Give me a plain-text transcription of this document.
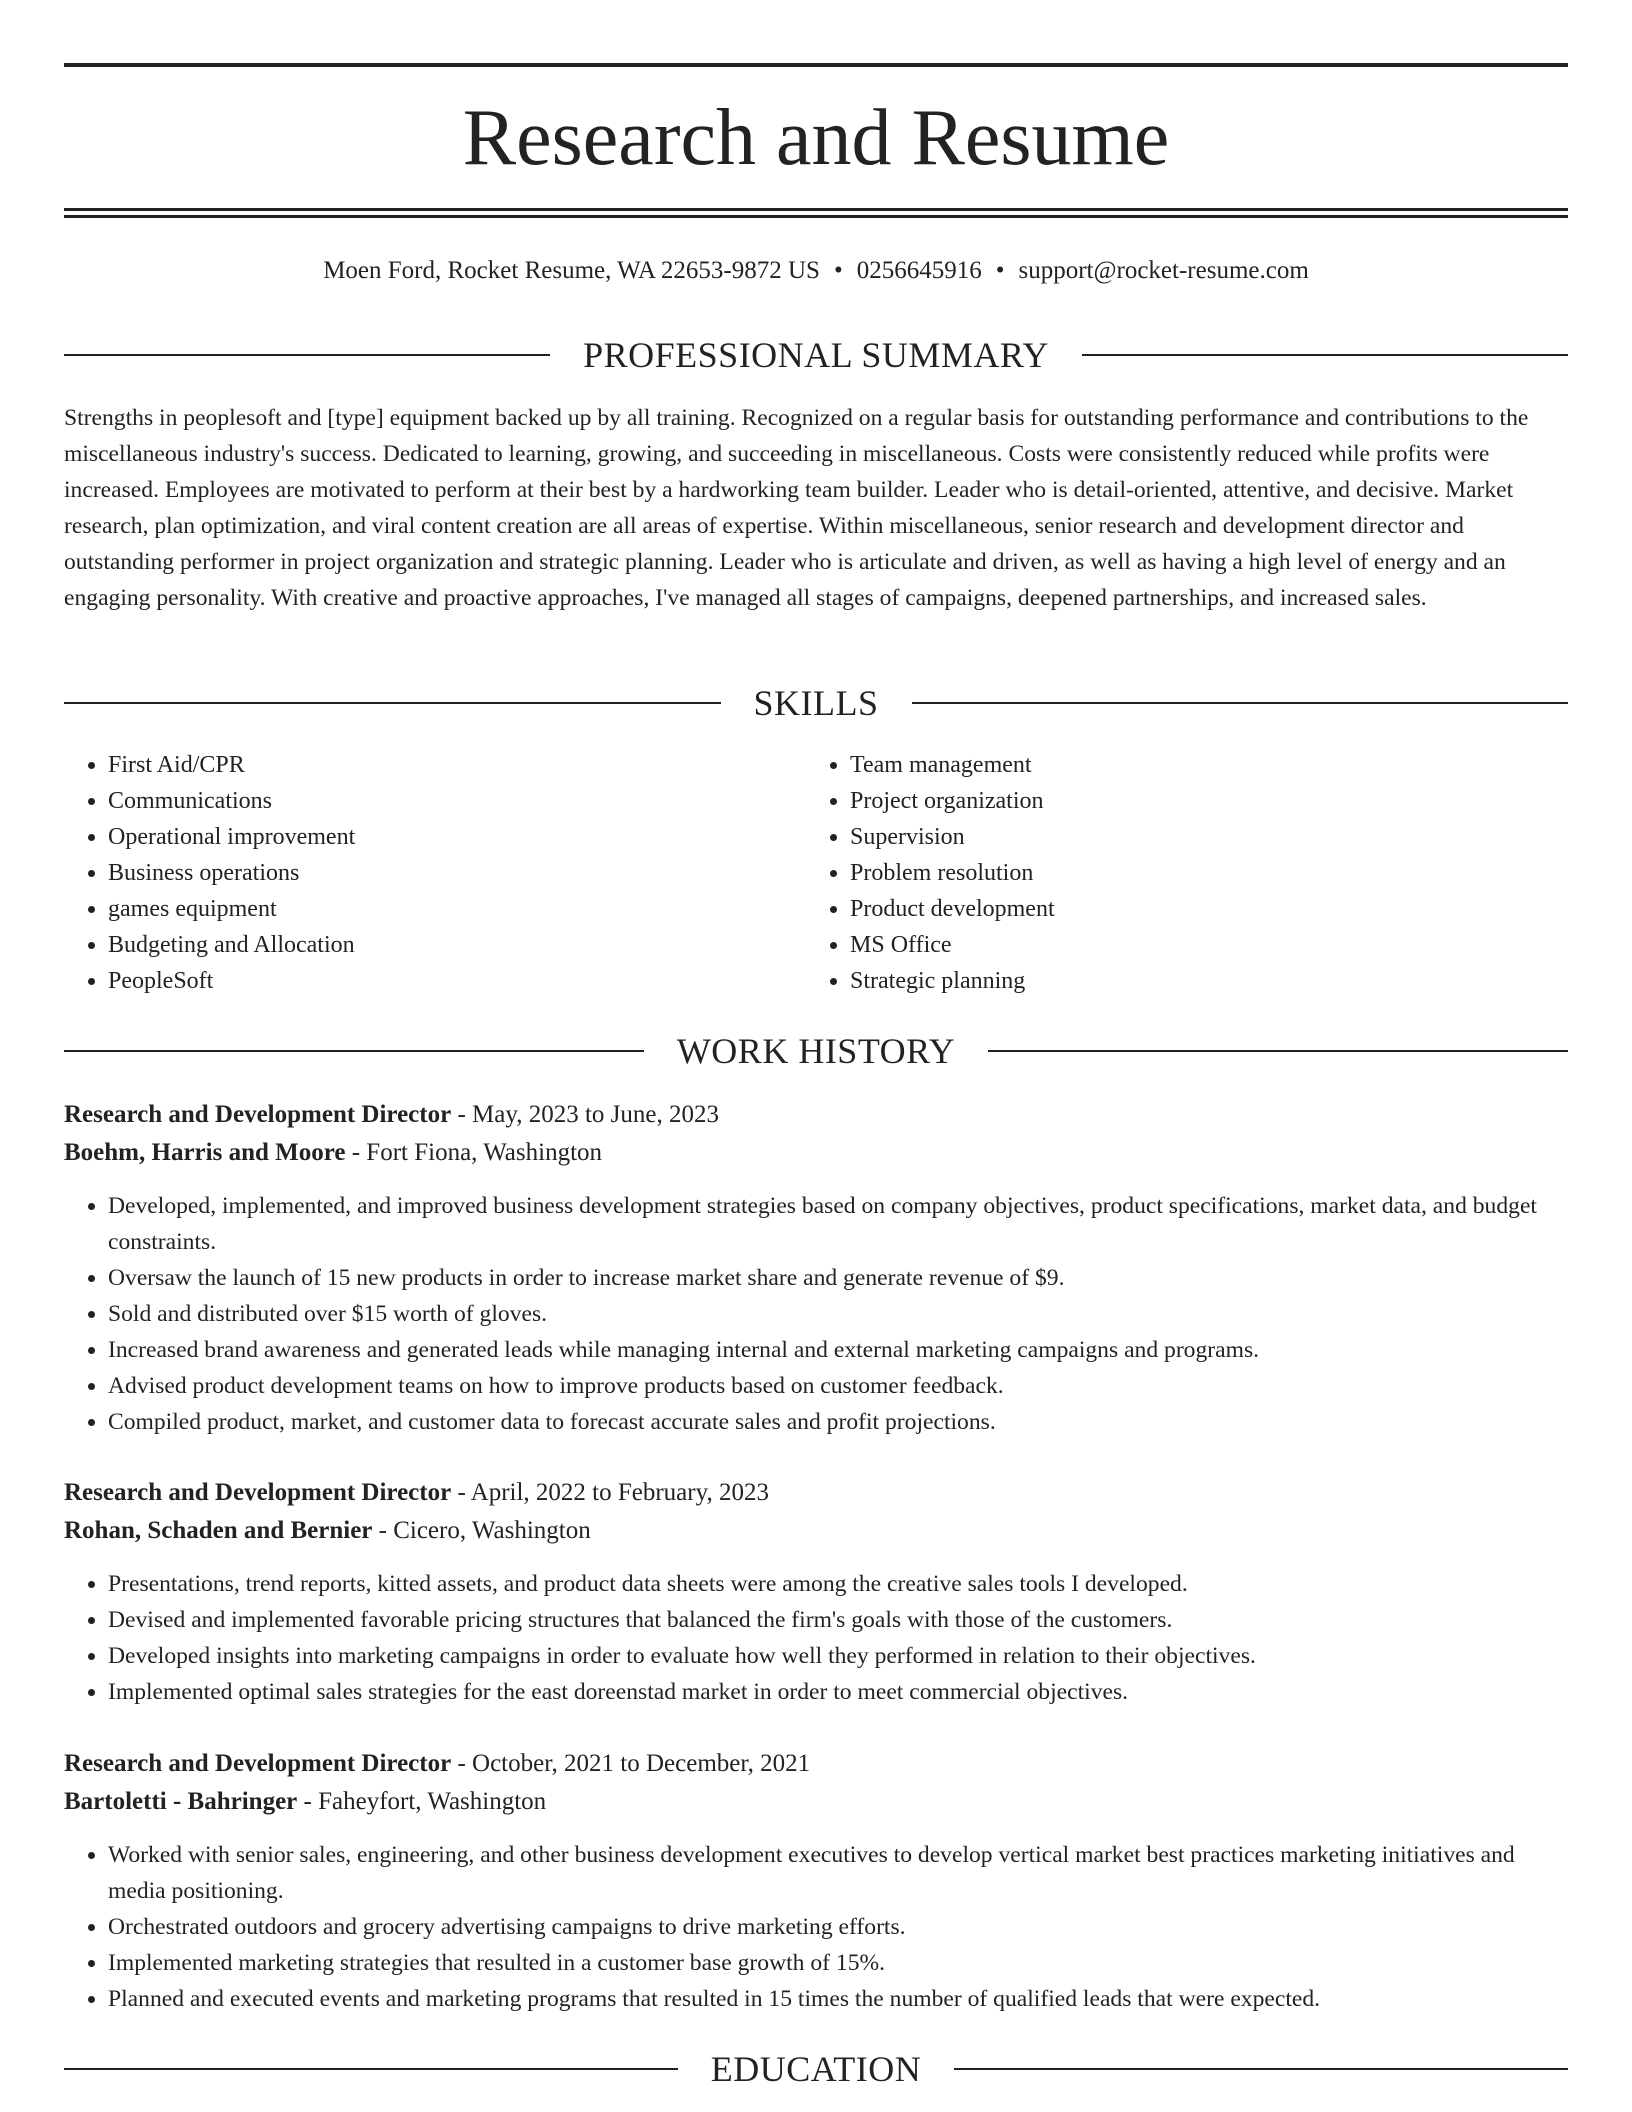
Research and Resume
Moen Ford, Rocket Resume, WA 22653-9872 US • 0256645916 • support@rocket-resume.com
PROFESSIONAL SUMMARY

Strengths in peoplesoft and [type] equipment backed up by all training. Recognized on a regular basis for outstanding performance and contributions to the miscellaneous industry's success. Dedicated to learning, growing, and succeeding in miscellaneous. Costs were consistently reduced while profits were increased. Employees are motivated to perform at their best by a hardworking team builder. Leader who is detail-oriented, attentive, and decisive. Market research, plan optimization, and viral content creation are all areas of expertise. Within miscellaneous, senior research and development director and outstanding performer in project organization and strategic planning. Leader who is articulate and driven, as well as having a high level of energy and an engaging personality. With creative and proactive approaches, I've managed all stages of campaigns, deepened partnerships, and increased sales.

SKILLS
• First Aid/CPR
• Communications
• Operational improvement
• Business operations
• games equipment
• Budgeting and Allocation
• PeopleSoft
• Team management
• Project organization
• Supervision
• Problem resolution
• Product development
• MS Office
• Strategic planning
WORK HISTORY
Research and Development Director - May, 2023 to June, 2023
Boehm, Harris and Moore - Fort Fiona, Washington
• Developed, implemented, and improved business development strategies based on company objectives, product specifications, market data, and budget constraints.
• Oversaw the launch of 15 new products in order to increase market share and generate revenue of $9.
• Sold and distributed over $15 worth of gloves.
• Increased brand awareness and generated leads while managing internal and external marketing campaigns and programs.
• Advised product development teams on how to improve products based on customer feedback.
• Compiled product, market, and customer data to forecast accurate sales and profit projections.
Research and Development Director - April, 2022 to February, 2023
Rohan, Schaden and Bernier - Cicero, Washington
• Presentations, trend reports, kitted assets, and product data sheets were among the creative sales tools I developed.
• Devised and implemented favorable pricing structures that balanced the firm's goals with those of the customers.
• Developed insights into marketing campaigns in order to evaluate how well they performed in relation to their objectives.
• Implemented optimal sales strategies for the east doreenstad market in order to meet commercial objectives.
Research and Development Director - October, 2021 to December, 2021
Bartoletti - Bahringer - Faheyfort, Washington
• Worked with senior sales, engineering, and other business development executives to develop vertical market best practices marketing initiatives and media positioning.
• Orchestrated outdoors and grocery advertising campaigns to drive marketing efforts.
• Implemented marketing strategies that resulted in a customer base growth of 15%.
• Planned and executed events and marketing programs that resulted in 15 times the number of qualified leads that were expected.
EDUCATION
